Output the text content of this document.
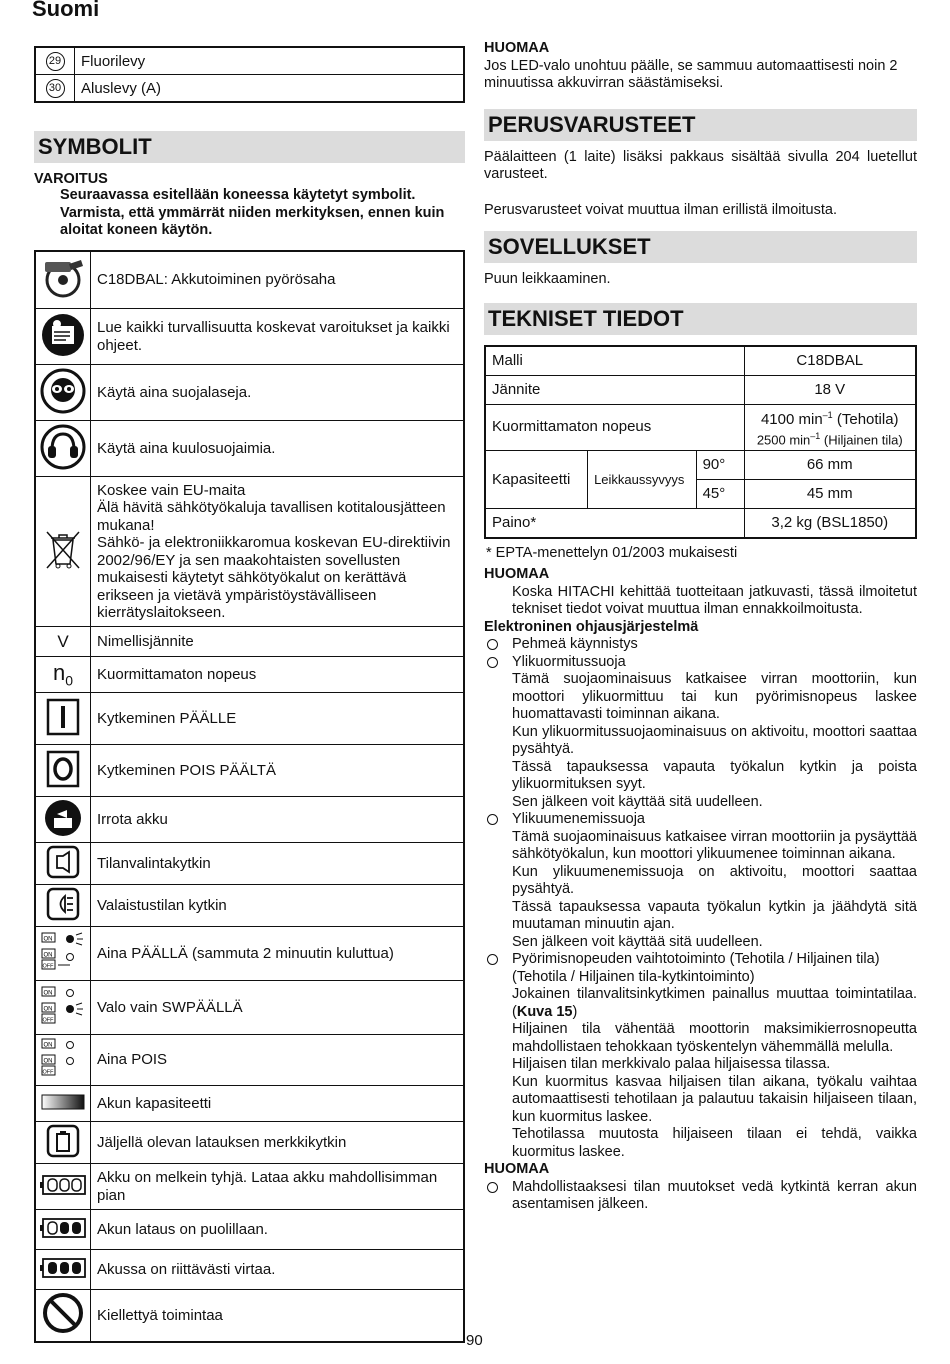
Suomi
29	Fluorilevy
30	Aluslevy (A)
SYMBOLIT
VAROITUS
Seuraavassa esitellään koneessa käytetyt symbolit. Varmista, että ymmärrät niiden merkityksen, ennen kuin aloitat koneen käytön.
	C18DBAL: Akkutoiminen pyörösaha
	Lue kaikki turvallisuutta koskevat varoitukset ja kaikki ohjeet.
	Käytä aina suojalaseja.
	Käytä aina kuulosuojaimia.
	Koskee vain EU-maita
Älä hävitä sähkötyökaluja tavallisen kotitalousjätteen mukana!
Sähkö- ja elektroniikkaromua koskevan EU-direktiivin 2002/96/EY ja sen maakohtaisten sovellusten mukaisesti käytetyt sähkötyökalut on kerättävä erikseen ja vietävä ympäristöystävälliseen kierrätyslaitokseen.
V	Nimellisjännite
$n_0$	Kuormittamaton nopeus
	Kytkeminen PÄÄLLE
	Kytkeminen POIS PÄÄLTÄ
	Irrota akku
	Tilanvalintakytkin
	Valaistustilan kytkin

ON
ON
OFF	Aina PÄÄLLÄ (sammuta 2 minuutin kuluttua)

ON
ON
OFF	Valo vain SWPÄÄLLÄ

ON
ON
OFF	Aina POIS
	Akun kapasiteetti
	Jäljellä olevan latauksen merkkikytkin
	Akku on melkein tyhjä. Lataa akku mahdollisimman pian
	Akun lataus on puolillaan.
	Akussa on riittävästi virtaa.
	Kiellettyä toimintaa
HUOMAA

Jos LED-valo unohtuu päälle, se sammuu automaattisesti noin 2 minuutissa akkuvirran säästämiseksi.

PERUSVARUSTEET

Päälaitteen (1 laite) lisäksi pakkaus sisältää sivulla 204 luetellut varusteet.

Perusvarusteet voivat muuttua ilman erillistä ilmoitusta.

SOVELLUKSET

Puun leikkaaminen.

TEKNISET TIEDOT
Malli			C18DBAL
Jännite			18 V
Kuormittamaton nopeus			4100 $\min^{-1}$ (Tehotila)
2500 $\min^{-1}$ (Hiljainen tila)

Kapasiteetti	Leikkaussyvyys	90°	66 mm
		45°	45 mm
Paino*			3,2 kg (BSL1850)

* EPTA-menettelyn 01/2003 mukaisesti

HUOMAA

Koska HITACHI kehittää tuotteitaan jatkuvasti, tässä ilmoitetut tekniset tiedot voivat muuttua ilman ennakkoilmoitusta.

Elektroninen ohjausjärjestelmä
Pehmeä käynnistys
Ylikuormitussuoja

Tämä suojaominaisuus katkaisee virran moottoriin, kun moottori ylikuormittuu tai kun pyörimisnopeus laskee huomattavasti toiminnan aikana.

Kun ylikuormitussuojaominaisuus on aktivoitu, moottori saattaa pysähtyä.

Tässä tapauksessa vapauta työkalun kytkin ja poista ylikuormituksen syyt.

Sen jälkeen voit käyttää sitä uudelleen.

Ylikuumenemissuoja

Tämä suojaominaisuus katkaisee virran moottoriin ja pysäyttää sähkötyökalun, kun moottori ylikuumenee toiminnan aikana.

Kun ylikuumenemissuoja on aktivoitu, moottori saattaa pysähtyä.

Tässä tapauksessa vapauta työkalun kytkin ja jäähdytä sitä muutaman minuutin ajan.

Sen jälkeen voit käyttää sitä uudelleen.

Pyörimisnopeuden vaihtotoiminto (Tehotila / Hiljainen tila)

(Tehotila / Hiljainen tila-kytkintoiminto)

Jokainen tilanvalitsinkytkimen painallus muuttaa toimintatilaa. (Kuva 15)

Hiljainen tila vähentää moottorin maksimikierrosnopeutta mahdollistaen tehokkaan työskentelyn vähemmällä melulla.

Hiljaisen tilan merkkivalo palaa hiljaisessa tilassa.

Kun kuormitus kasvaa hiljaisen tilan aikana, työkalu vaihtaa automaattisesti tehotilaan ja palautuu takaisin hiljaiseen tilaan, kun kuormitus laskee.

Tehotilassa muutosta hiljaiseen tilaan ei tehdä, vaikka kuormitus laskee.

HUOMAA
Mahdollistaaksesi tilan muutokset vedä kytkintä kerran akun asentamisen jälkeen.
90
